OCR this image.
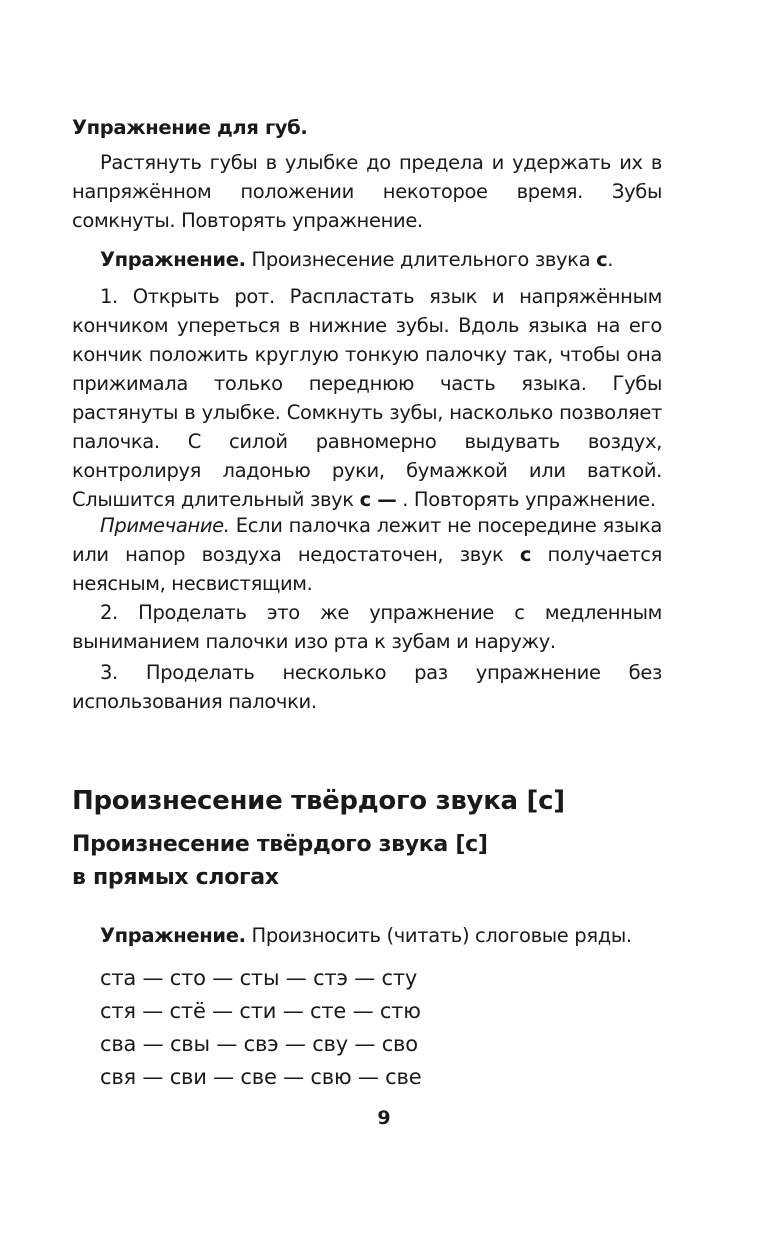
Упражнение для губ.

Растянуть губы в улыбке до предела и удержать их в напряжённом положении некоторое время. Зубы сомкнуты. Повторять упражнение.

Упражнение. Произнесение длительного звука с.

1. Открыть рот. Распластать язык и напряжённым кончиком упереться в нижние зубы. Вдоль языка на его кончик положить круглую тонкую палочку так, чтобы она прижимала только переднюю часть языка. Губы растянуты в улыбке. Сомкнуть зубы, насколько позволяет палочка. С силой равномерно выдувать воздух, контролируя ладонью руки, бумажкой или ваткой. Слышится длительный звук с — . Повторять упражнение.

Примечание. Если палочка лежит не посередине языка или напор воздуха недостаточен, звук с получается неясным, несвистящим.

2. Проделать это же упражнение с медленным выниманием палочки изо рта к зубам и наружу.

3. Проделать несколько раз упражнение без использования палочки.

Произнесение твёрдого звука [с]
Произнесение твёрдого звука [с]
в прямых слогах

Упражнение. Произносить (читать) слоговые ряды.

ста — сто — сты — стэ — сту
стя — стё — сти — сте — стю
сва — свы — свэ — сву — сво
свя — сви — све — свю — све
9
